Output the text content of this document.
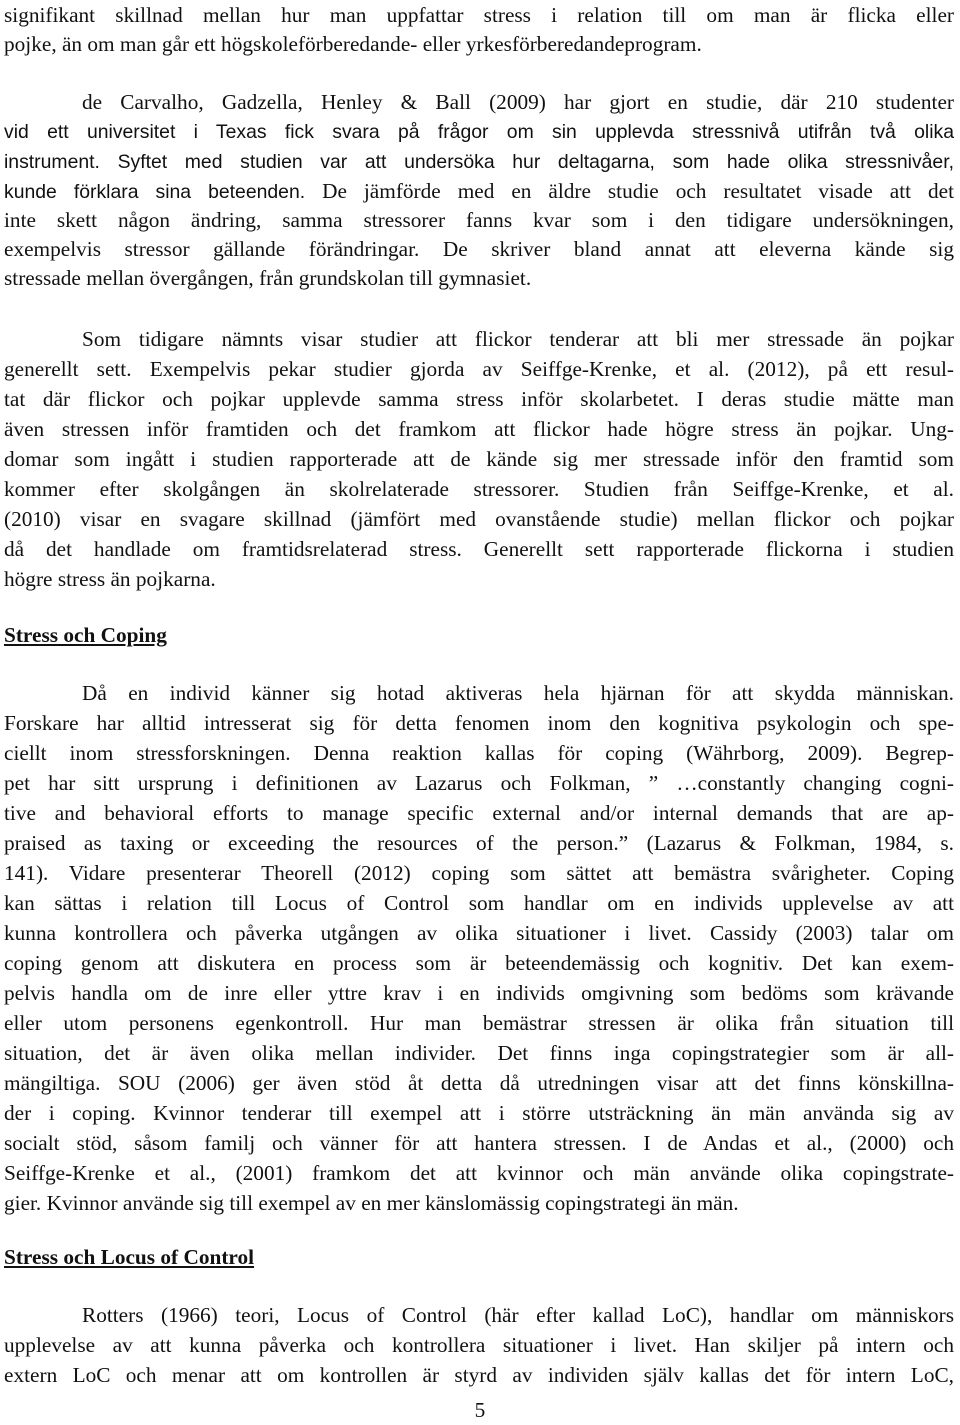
signifikant skillnad mellan hur man uppfattar stress i relation till om man är flicka eller
pojke, än om man går ett högskoleförberedande- eller yrkesförberedandeprogram.
de Carvalho, Gadzella, Henley & Ball (2009) har gjort en studie, där 210 studenter
vid ett universitet i Texas fick svara på frågor om sin upplevda stressnivå utifrån två olika
instrument. Syftet med studien var att undersöka hur deltagarna, som hade olika stressnivåer,
kunde förklara sina beteenden. De jämförde med en äldre studie och resultatet visade att det
inte skett någon ändring, samma stressorer fanns kvar som i den tidigare undersökningen,
exempelvis stressor gällande förändringar. De skriver bland annat att eleverna kände sig
stressade mellan övergången, från grundskolan till gymnasiet.
Som tidigare nämnts visar studier att flickor tenderar att bli mer stressade än pojkar
generellt sett. Exempelvis pekar studier gjorda av Seiffge-Krenke, et al. (2012), på ett resul-
tat där flickor och pojkar upplevde samma stress inför skolarbetet. I deras studie mätte man
även stressen inför framtiden och det framkom att flickor hade högre stress än pojkar. Ung-
domar som ingått i studien rapporterade att de kände sig mer stressade inför den framtid som
kommer efter skolgången än skolrelaterade stressorer. Studien från Seiffge-Krenke, et al.
(2010) visar en svagare skillnad (jämfört med ovanstående studie) mellan flickor och pojkar
då det handlade om framtidsrelaterad stress. Generellt sett rapporterade flickorna i studien
högre stress än pojkarna.
Stress och Coping
Då en individ känner sig hotad aktiveras hela hjärnan för att skydda människan.
Forskare har alltid intresserat sig för detta fenomen inom den kognitiva psykologin och spe-
ciellt inom stressforskningen. Denna reaktion kallas för coping (Währborg, 2009). Begrep-
pet har sitt ursprung i definitionen av Lazarus och Folkman, ” …constantly changing cogni-
tive and behavioral efforts to manage specific external and/or internal demands that are ap-
praised as taxing or exceeding the resources of the person.” (Lazarus & Folkman, 1984, s.
141). Vidare presenterar Theorell (2012) coping som sättet att bemästra svårigheter. Coping
kan sättas i relation till Locus of Control som handlar om en individs upplevelse av att
kunna kontrollera och påverka utgången av olika situationer i livet. Cassidy (2003) talar om
coping genom att diskutera en process som är beteendemässig och kognitiv. Det kan exem-
pelvis handla om de inre eller yttre krav i en individs omgivning som bedöms som krävande
eller utom personens egenkontroll. Hur man bemästrar stressen är olika från situation till
situation, det är även olika mellan individer. Det finns inga copingstrategier som är all-
mängiltiga. SOU (2006) ger även stöd åt detta då utredningen visar att det finns könskillna-
der i coping. Kvinnor tenderar till exempel att i större utsträckning än män använda sig av
socialt stöd, såsom familj och vänner för att hantera stressen. I de Andas et al., (2000) och
Seiffge-Krenke et al., (2001) framkom det att kvinnor och män använde olika copingstrate-
gier. Kvinnor använde sig till exempel av en mer känslomässig copingstrategi än män.
Stress och Locus of Control
Rotters (1966) teori, Locus of Control (här efter kallad LoC), handlar om människors
upplevelse av att kunna påverka och kontrollera situationer i livet. Han skiljer på intern och
extern LoC och menar att om kontrollen är styrd av individen själv kallas det för intern LoC,
5
